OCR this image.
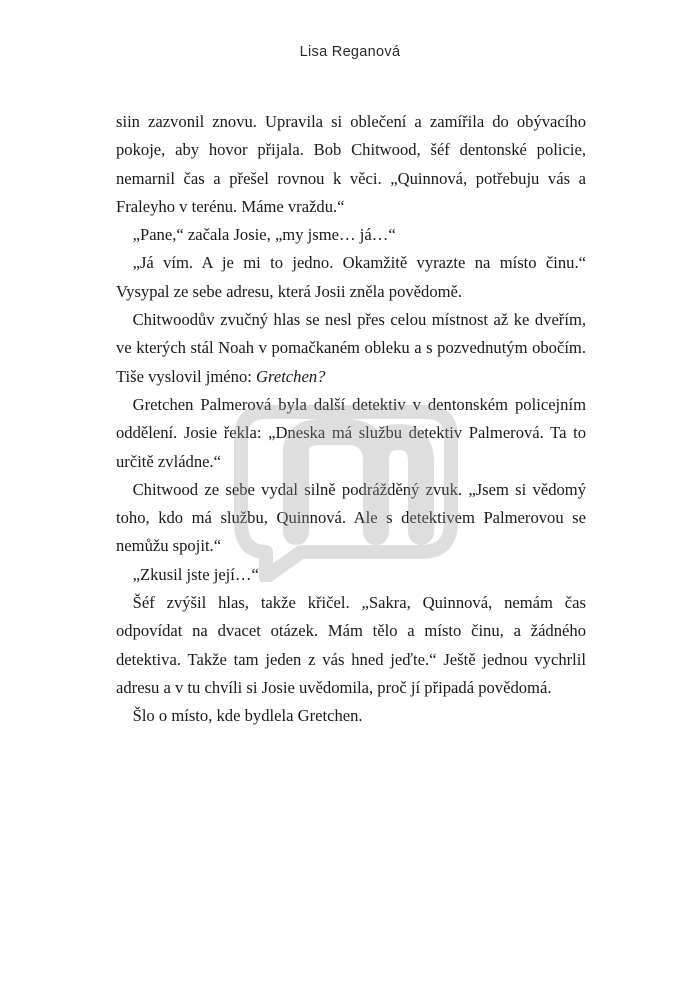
Lisa Reganová

siin zazvonil znovu. Upravila si oblečení a zamířila do obývacího pokoje, aby hovor přijala. Bob Chitwood, šéf dentonské policie, nemarnil čas a přešel rovnou k věci. „Quinnová, potřebuju vás a Fraleyho v terénu. Máme vraždu.“

 „Pane,“ začala Josie, „my jsme… já…“

 „Já vím. A je mi to jedno. Okamžitě vyrazte na místo činu.“ Vysypal ze sebe adresu, která Josii zněla povědomě.

 Chitwoodův zvučný hlas se nesl přes celou místnost až ke dveřím, ve kterých stál Noah v pomačkaném obleku a s pozvednutým obočím. Tiše vyslovil jméno: Gretchen?

 Gretchen Palmerová byla další detektiv v dentonském policejním oddělení. Josie řekla: „Dneska má službu detektiv Palmerová. Ta to určitě zvládne.“

 Chitwood ze sebe vydal silně podrážděný zvuk. „Jsem si vědomý toho, kdo má službu, Quinnová. Ale s detektivem Palmerovou se nemůžu spojit.“

 „Zkusil jste její…“

 Šéf zvýšil hlas, takže křičel. „Sakra, Quinnová, nemám čas odpovídat na dvacet otázek. Mám tělo a místo činu, a žádného detektiva. Takže tam jeden z vás hned jeďte.“ Ještě jednou vychrlil adresu a v tu chvíli si Josie uvědomila, proč jí připadá povědomá.

 Šlo o místo, kde bydlela Gretchen.
